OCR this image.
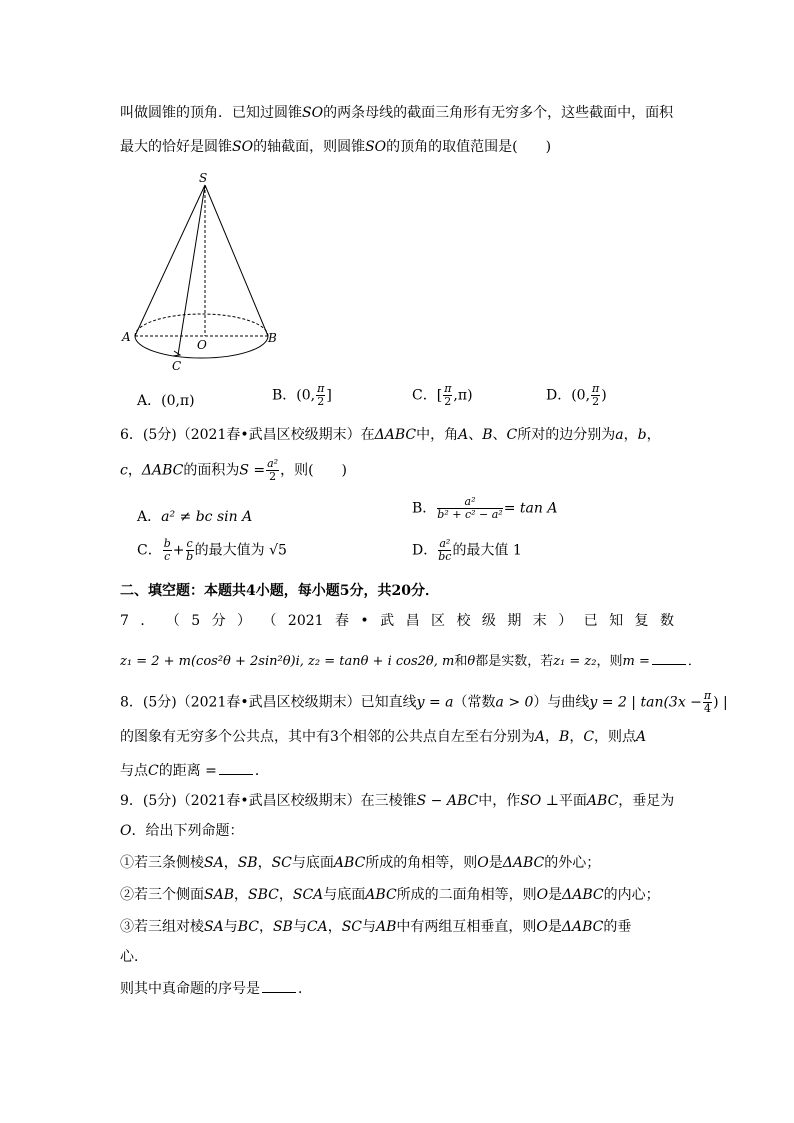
叫做圆锥的顶角．已知过圆锥SO的两条母线的截面三角形有无穷多个，这些截面中，面积
最大的恰好是圆锥SO的轴截面，则圆锥SO的顶角的取值范围是(　　)
S
A	B
O
C
A．(0,π)	B．(0, $\frac{\pi}{2}$ ]	C．[ $\frac{\pi}{2} ,\pi$)	D．(0, $\frac{\pi}{2}$ )
6．(5分)（2021春•武昌区校级期末）在ΔABC中，角A、B、C所对的边分别为a，b，
c，ΔABC的面积为$S = \frac{\text{a²}}{2}$ ，则(　　)
A．a² ≠ bc sin A
B． $\frac{\text{a²}}{\text{b² + c² − a²}} = \tan A$
C． $\frac{b}{c} + \frac{c}{b}$ 的最大值为 √5	D． $\frac{\text{a²}}{bc}$ 的最大值 1
二、填空题：本题共4小题，每小题5分，共20分．
7 ． （ 5 分 ） （ 2021 春 • 武 昌 区 校 级 期 末 ） 已 知 复 数
z₁ = 2 + m(cos²θ + 2sin²θ)i, z₂ = tanθ + i cos2θ, m和θ都是实数，若z₁ = z₂，则m =	．
8．(5分)（2021春•武昌区校级期末）已知直线y = a（常数a > 0）与曲线y = 2 | $\tan(3x - \frac{\pi}{4}$ ) |
的图象有无穷多个公共点，其中有3个相邻的公共点自左至右分别为A，B，C，则点A
与点C的距离 =	．
9．(5分)（2021春•武昌区校级期末）在三棱锥S − ABC中，作SO ⊥平面ABC，垂足为
O．给出下列命题：
①若三条侧棱SA，SB，SC与底面ABC所成的角相等，则O是ΔABC的外心；
②若三个侧面SAB，SBC，SCA与底面ABC所成的二面角相等，则O是ΔABC的内心；
③若三组对棱SA与BC，SB与CA，SC与AB中有两组互相垂直，则O是ΔABC的垂
心．
则其中真命题的序号是	．
